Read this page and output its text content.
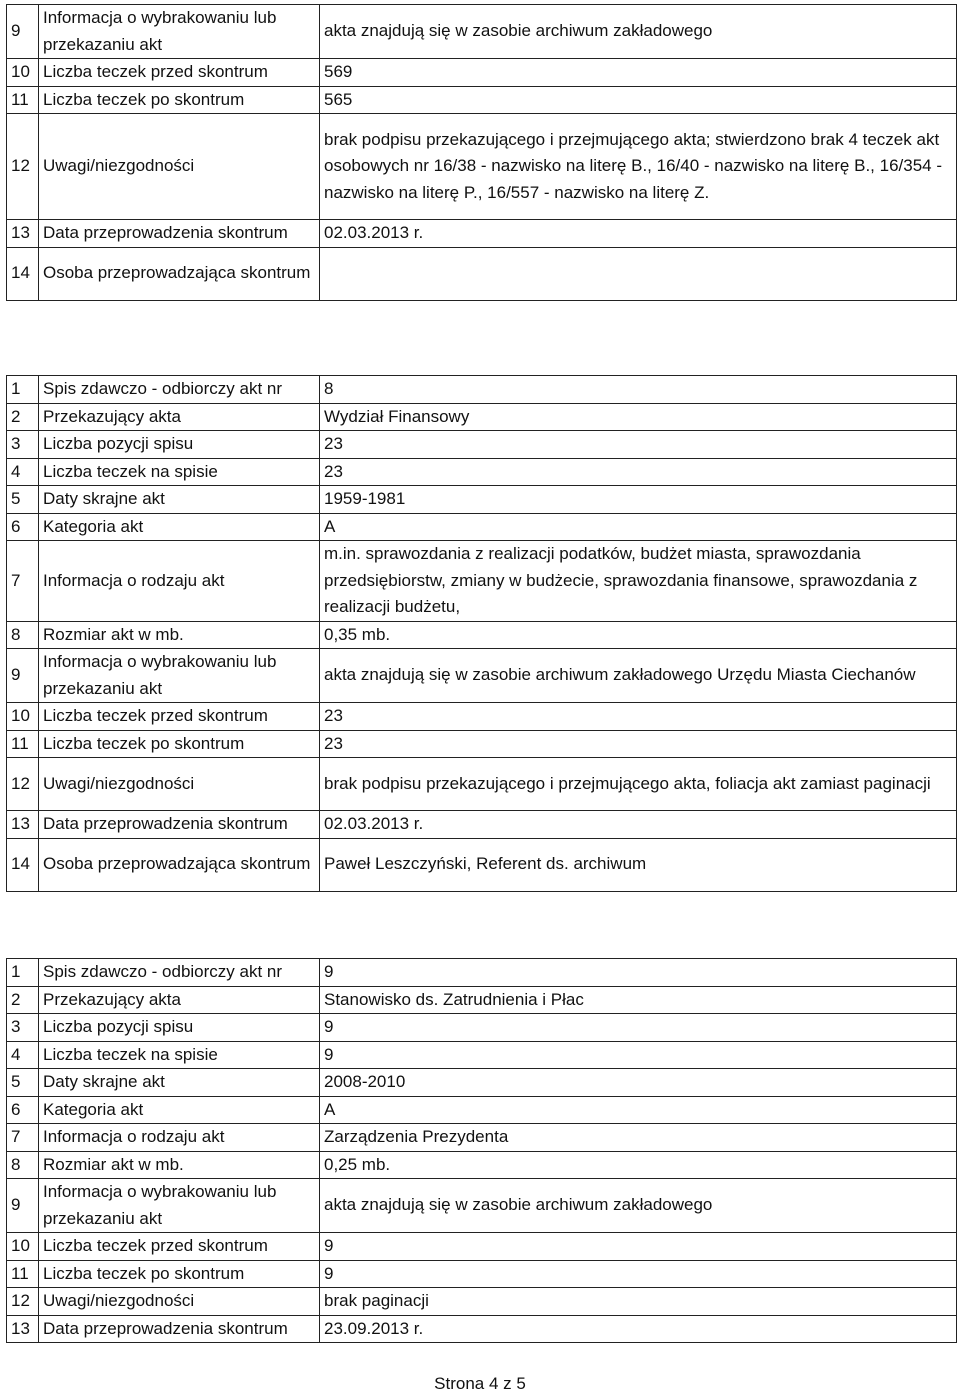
9	Informacja o wybrakowaniu lub przekazaniu akt	akta znajdują się w zasobie archiwum zakładowego
10	Liczba teczek przed skontrum	569
11	Liczba teczek po skontrum	565
12	Uwagi/niezgodności	brak podpisu przekazującego i przejmującego akta; stwierdzono brak 4 teczek akt osobowych nr 16/38 - nazwisko na literę B., 16/40 - nazwisko na literę B., 16/354 - nazwisko na literę P., 16/557 - nazwisko na literę Z.
13	Data przeprowadzenia skontrum	02.03.2013 r.
14	Osoba przeprowadzająca skontrum	
1	Spis zdawczo - odbiorczy akt nr	8
2	Przekazujący akta	Wydział Finansowy
3	Liczba pozycji spisu	23
4	Liczba teczek na spisie	23
5	Daty skrajne akt	1959-1981
6	Kategoria akt	A
7	Informacja o rodzaju akt	m.in. sprawozdania z realizacji podatków, budżet miasta, sprawozdania przedsiębiorstw, zmiany w budżecie, sprawozdania finansowe, sprawozdania z realizacji budżetu,
8	Rozmiar akt w mb.	0,35 mb.
9	Informacja o wybrakowaniu lub przekazaniu akt	akta znajdują się w zasobie archiwum zakładowego Urzędu Miasta Ciechanów
10	Liczba teczek przed skontrum	23
11	Liczba teczek po skontrum	23
12	Uwagi/niezgodności	brak podpisu przekazującego i przejmującego akta, foliacja akt zamiast paginacji
13	Data przeprowadzenia skontrum	02.03.2013 r.
14	Osoba przeprowadzająca skontrum	Paweł Leszczyński, Referent ds. archiwum
1	Spis zdawczo - odbiorczy akt nr	9
2	Przekazujący akta	Stanowisko ds. Zatrudnienia i Płac
3	Liczba pozycji spisu	9
4	Liczba teczek na spisie	9
5	Daty skrajne akt	2008-2010
6	Kategoria akt	A
7	Informacja o rodzaju akt	Zarządzenia Prezydenta
8	Rozmiar akt w mb.	0,25 mb.
9	Informacja o wybrakowaniu lub przekazaniu akt	akta znajdują się w zasobie archiwum zakładowego
10	Liczba teczek przed skontrum	9
11	Liczba teczek po skontrum	9
12	Uwagi/niezgodności	brak paginacji
13	Data przeprowadzenia skontrum	23.09.2013 r.
Strona 4 z 5
